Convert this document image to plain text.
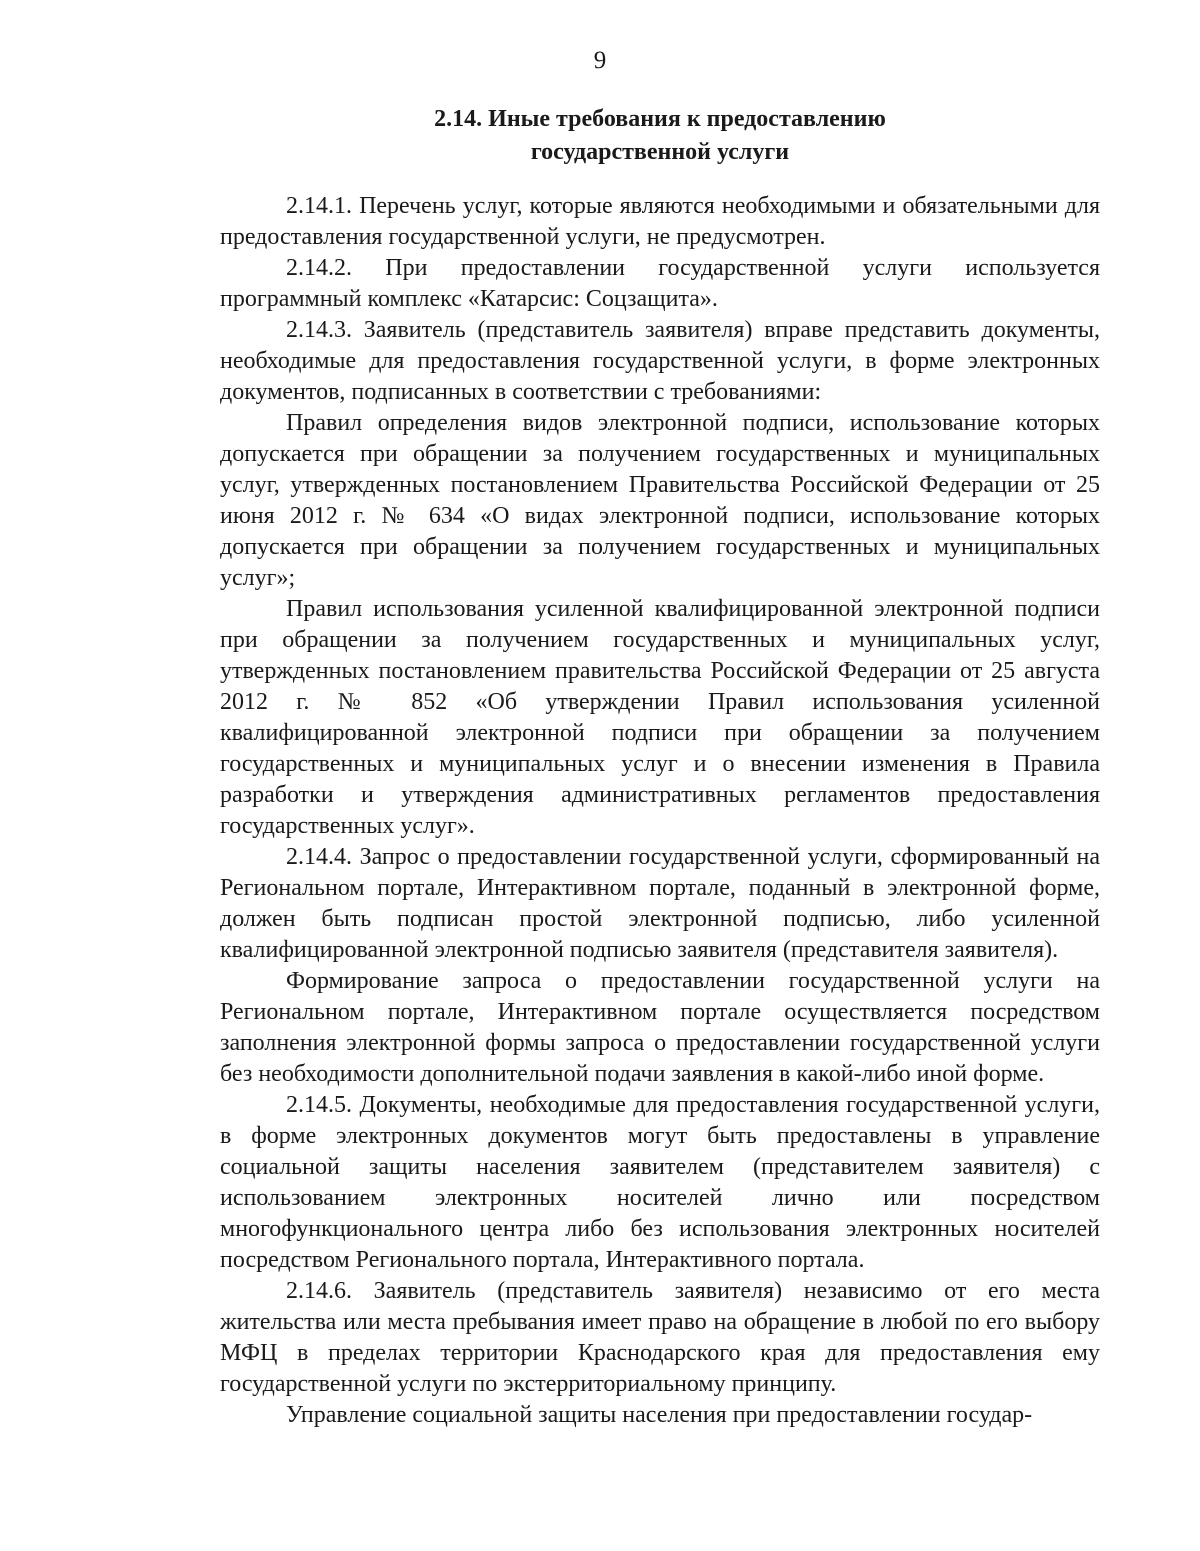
9
2.14. Иные требования к предоставлению
государственной услуги

2.14.1. Перечень услуг, которые являются необходимыми и обязательными для предоставления государственной услуги, не предусмотрен.

2.14.2. При предоставлении государственной услуги используется программный комплекс «Катарсис: Соцзащита».

2.14.3. Заявитель (представитель заявителя) вправе представить документы, необходимые для предоставления государственной услуги, в форме электронных документов, подписанных в соответствии с требованиями:

Правил определения видов электронной подписи, использование которых допускается при обращении за получением государственных и муниципальных услуг, утвержденных постановлением Правительства Российской Федерации от 25 июня 2012 г. № 634 «О видах электронной подписи, использование которых допускается при обращении за получением государственных и муниципальных услуг»;

Правил использования усиленной квалифицированной электронной подписи при обращении за получением государственных и муниципальных услуг, утвержденных постановлением правительства Российской Федерации от 25 августа 2012 г. № 852 «Об утверждении Правил использования усиленной квалифицированной электронной подписи при обращении за получением государственных и муниципальных услуг и о внесении изменения в Правила разработки и утверждения административных регламентов предоставления государственных услуг».

2.14.4. Запрос о предоставлении государственной услуги, сформированный на Региональном портале, Интерактивном портале, поданный в электронной форме, должен быть подписан простой электронной подписью, либо усиленной квалифицированной электронной подписью заявителя (представителя заявителя).

Формирование запроса о предоставлении государственной услуги на Региональном портале, Интерактивном портале осуществляется посредством заполнения электронной формы запроса о предоставлении государственной услуги без необходимости дополнительной подачи заявления в какой-либо иной форме.

2.14.5. Документы, необходимые для предоставления государственной услуги, в форме электронных документов могут быть предоставлены в управление социальной защиты населения заявителем (представителем заявителя) с использованием электронных носителей лично или посредством многофункционального центра либо без использования электронных носителей посредством Регионального портала, Интерактивного портала.

2.14.6. Заявитель (представитель заявителя) независимо от его места жительства или места пребывания имеет право на обращение в любой по его выбору МФЦ в пределах территории Краснодарского края для предоставления ему государственной услуги по экстерриториальному принципу.

Управление социальной защиты населения при предоставлении государ-
